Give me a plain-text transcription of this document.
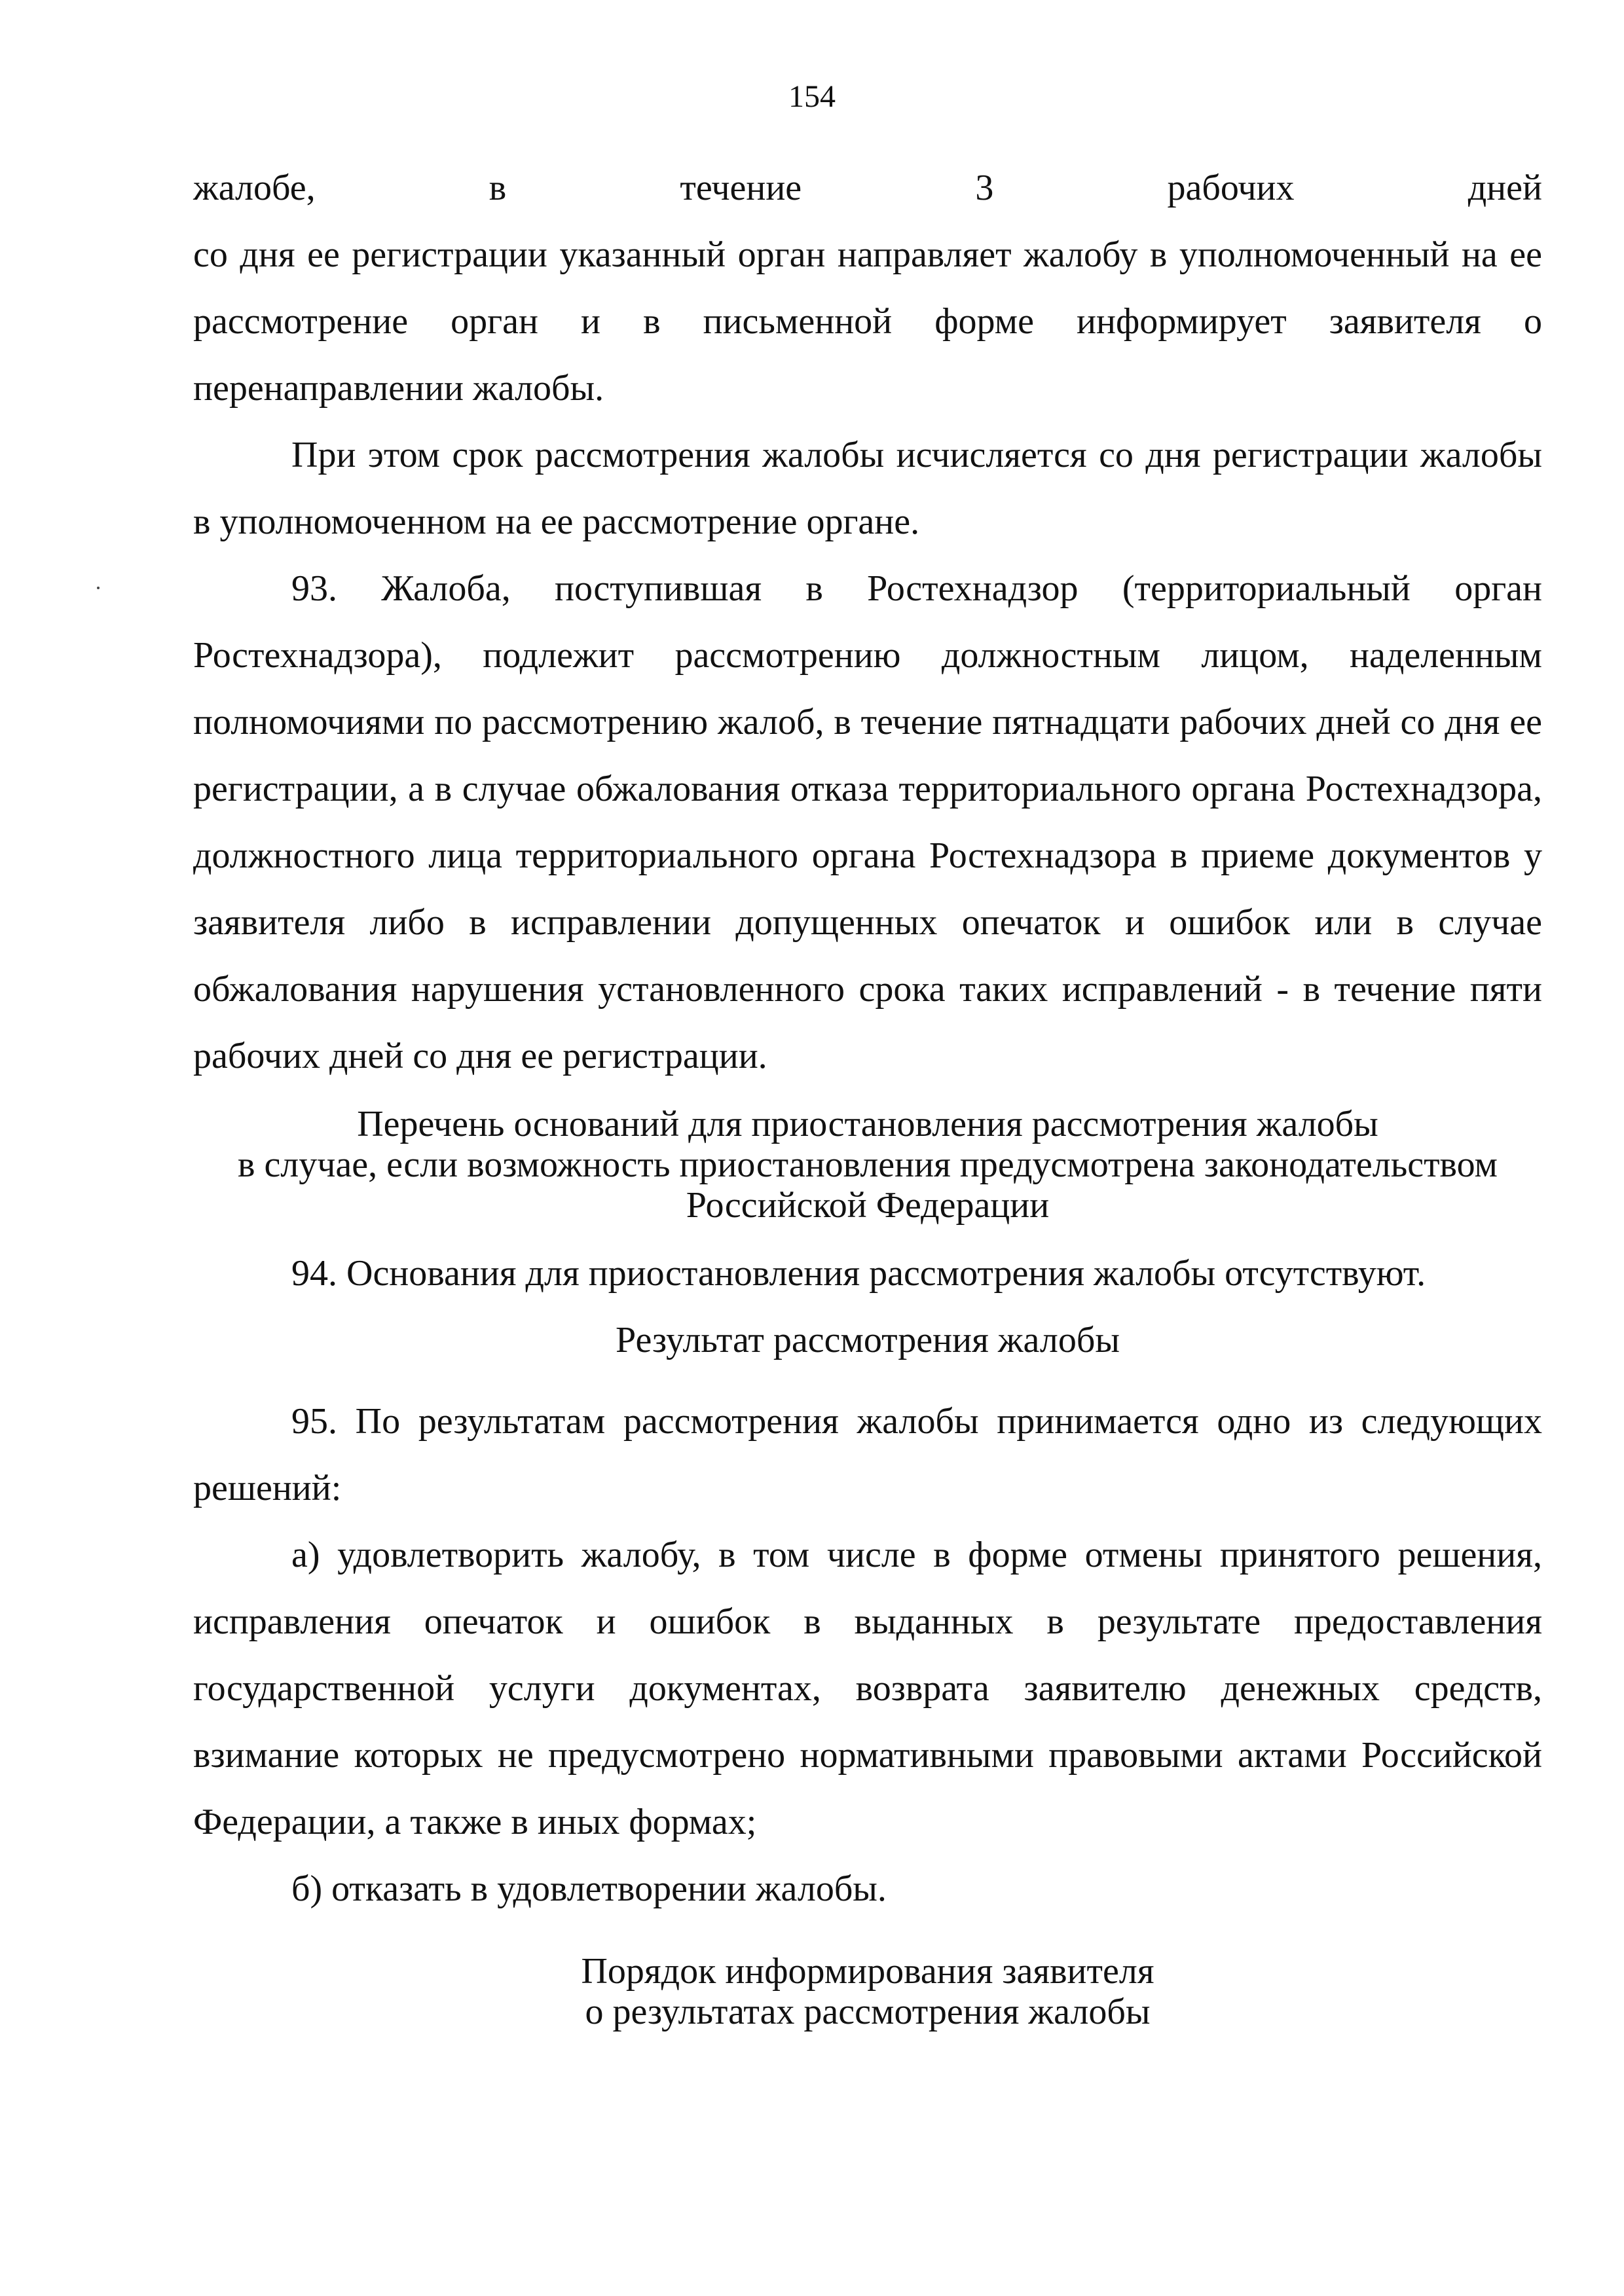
154
жалобе,	в	течение	3	рабочих	дней

со дня ее регистрации указанный орган направляет жалобу в уполномоченный на ее рассмотрение орган и в письменной форме информирует заявителя о перенаправлении жалобы.

При этом срок рассмотрения жалобы исчисляется со дня регистрации жалобы в уполномоченном на ее рассмотрение органе.

93. Жалоба, поступившая в Ростехнадзор (территориальный орган Ростехнадзора), подлежит рассмотрению должностным лицом, наделенным полномочиями по рассмотрению жалоб, в течение пятнадцати рабочих дней со дня ее регистрации, а в случае обжалования отказа территориального органа Ростехнадзора, должностного лица территориального органа Ростехнадзора в приеме документов у заявителя либо в исправлении допущенных опечаток и ошибок или в случае обжалования нарушения установленного срока таких исправлений - в течение пяти рабочих дней со дня ее регистрации.

Перечень оснований для приостановления рассмотрения жалобы

в случае, если возможность приостановления предусмотрена законодательством

Российской Федерации

94. Основания для приостановления рассмотрения жалобы отсутствуют.

Результат рассмотрения жалобы

95. По результатам рассмотрения жалобы принимается одно из следующих решений:

а) удовлетворить жалобу, в том числе в форме отмены принятого решения, исправления опечаток и ошибок в выданных в результате предоставления государственной услуги документах, возврата заявителю денежных средств, взимание которых не предусмотрено нормативными правовыми актами Российской Федерации, а также в иных формах;

б) отказать в удовлетворении жалобы.

Порядок информирования заявителя

о результатах рассмотрения жалобы
